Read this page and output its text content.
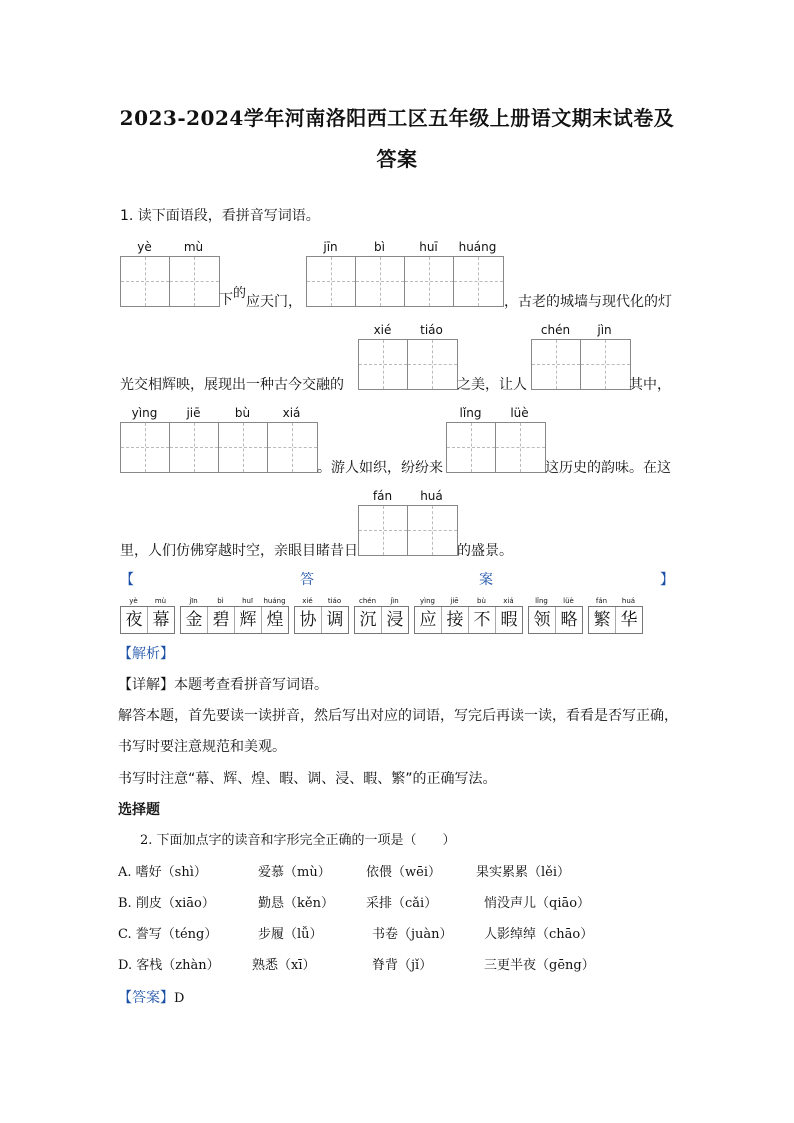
2023-2024学年河南洛阳西工区五年级上册语文期末试卷及
答案
1. 读下面语段，看拼音写词语。
yè	mù
下 的
应天门，
jīn	bì	huī	huáng
，古老的城墙与现代化的灯
光交相辉映，展现出一种古今交融的
xié	tiáo
之美，让人
chén	jìn
其中，
yìng	jiē	bù	xiá
。游人如织，纷纷来
lǐng	lüè
这历史的韵味。在这
里，人们仿佛穿越时空，亲眼目睹昔日
fán	huá
的盛景。
【	答	案	】
yè	mù
夜 幕
jīn	bì	huī	huáng
金 碧 辉 煌
xié	tiáo
协 调
chén	jìn
沉 浸
yìng	jiē	bù	xiá
应 接 不 暇
lǐng	lüè
领 略
fán	huá
繁 华
【解析】
【详解】本题考查看拼音写词语。
解答本题，首先要读一读拼音，然后写出对应的词语，写完后再读一读，看看是否写正确，
书写时要注意规范和美观。
书写时注意“幕、辉、煌、暇、调、浸、暇、繁”的正确写法。
选择题
2. 下面加点字的读音和字形完全正确的一项是（　　）
A. 嗜好（shì）	爱慕（mù）	依偎（wēi）	果实累累（lěi）
B. 削皮（xiāo）	勤恳（kěn） 采排（cǎi）	悄没声儿（qiāo）
C. 誊写（téng）	步履（lǚ）	书卷（juàn） 人影绰绰（chāo）
D. 客栈（zhàn） 熟悉（xī）	脊背（jǐ）	三更半夜（gēng）
【答案】D
